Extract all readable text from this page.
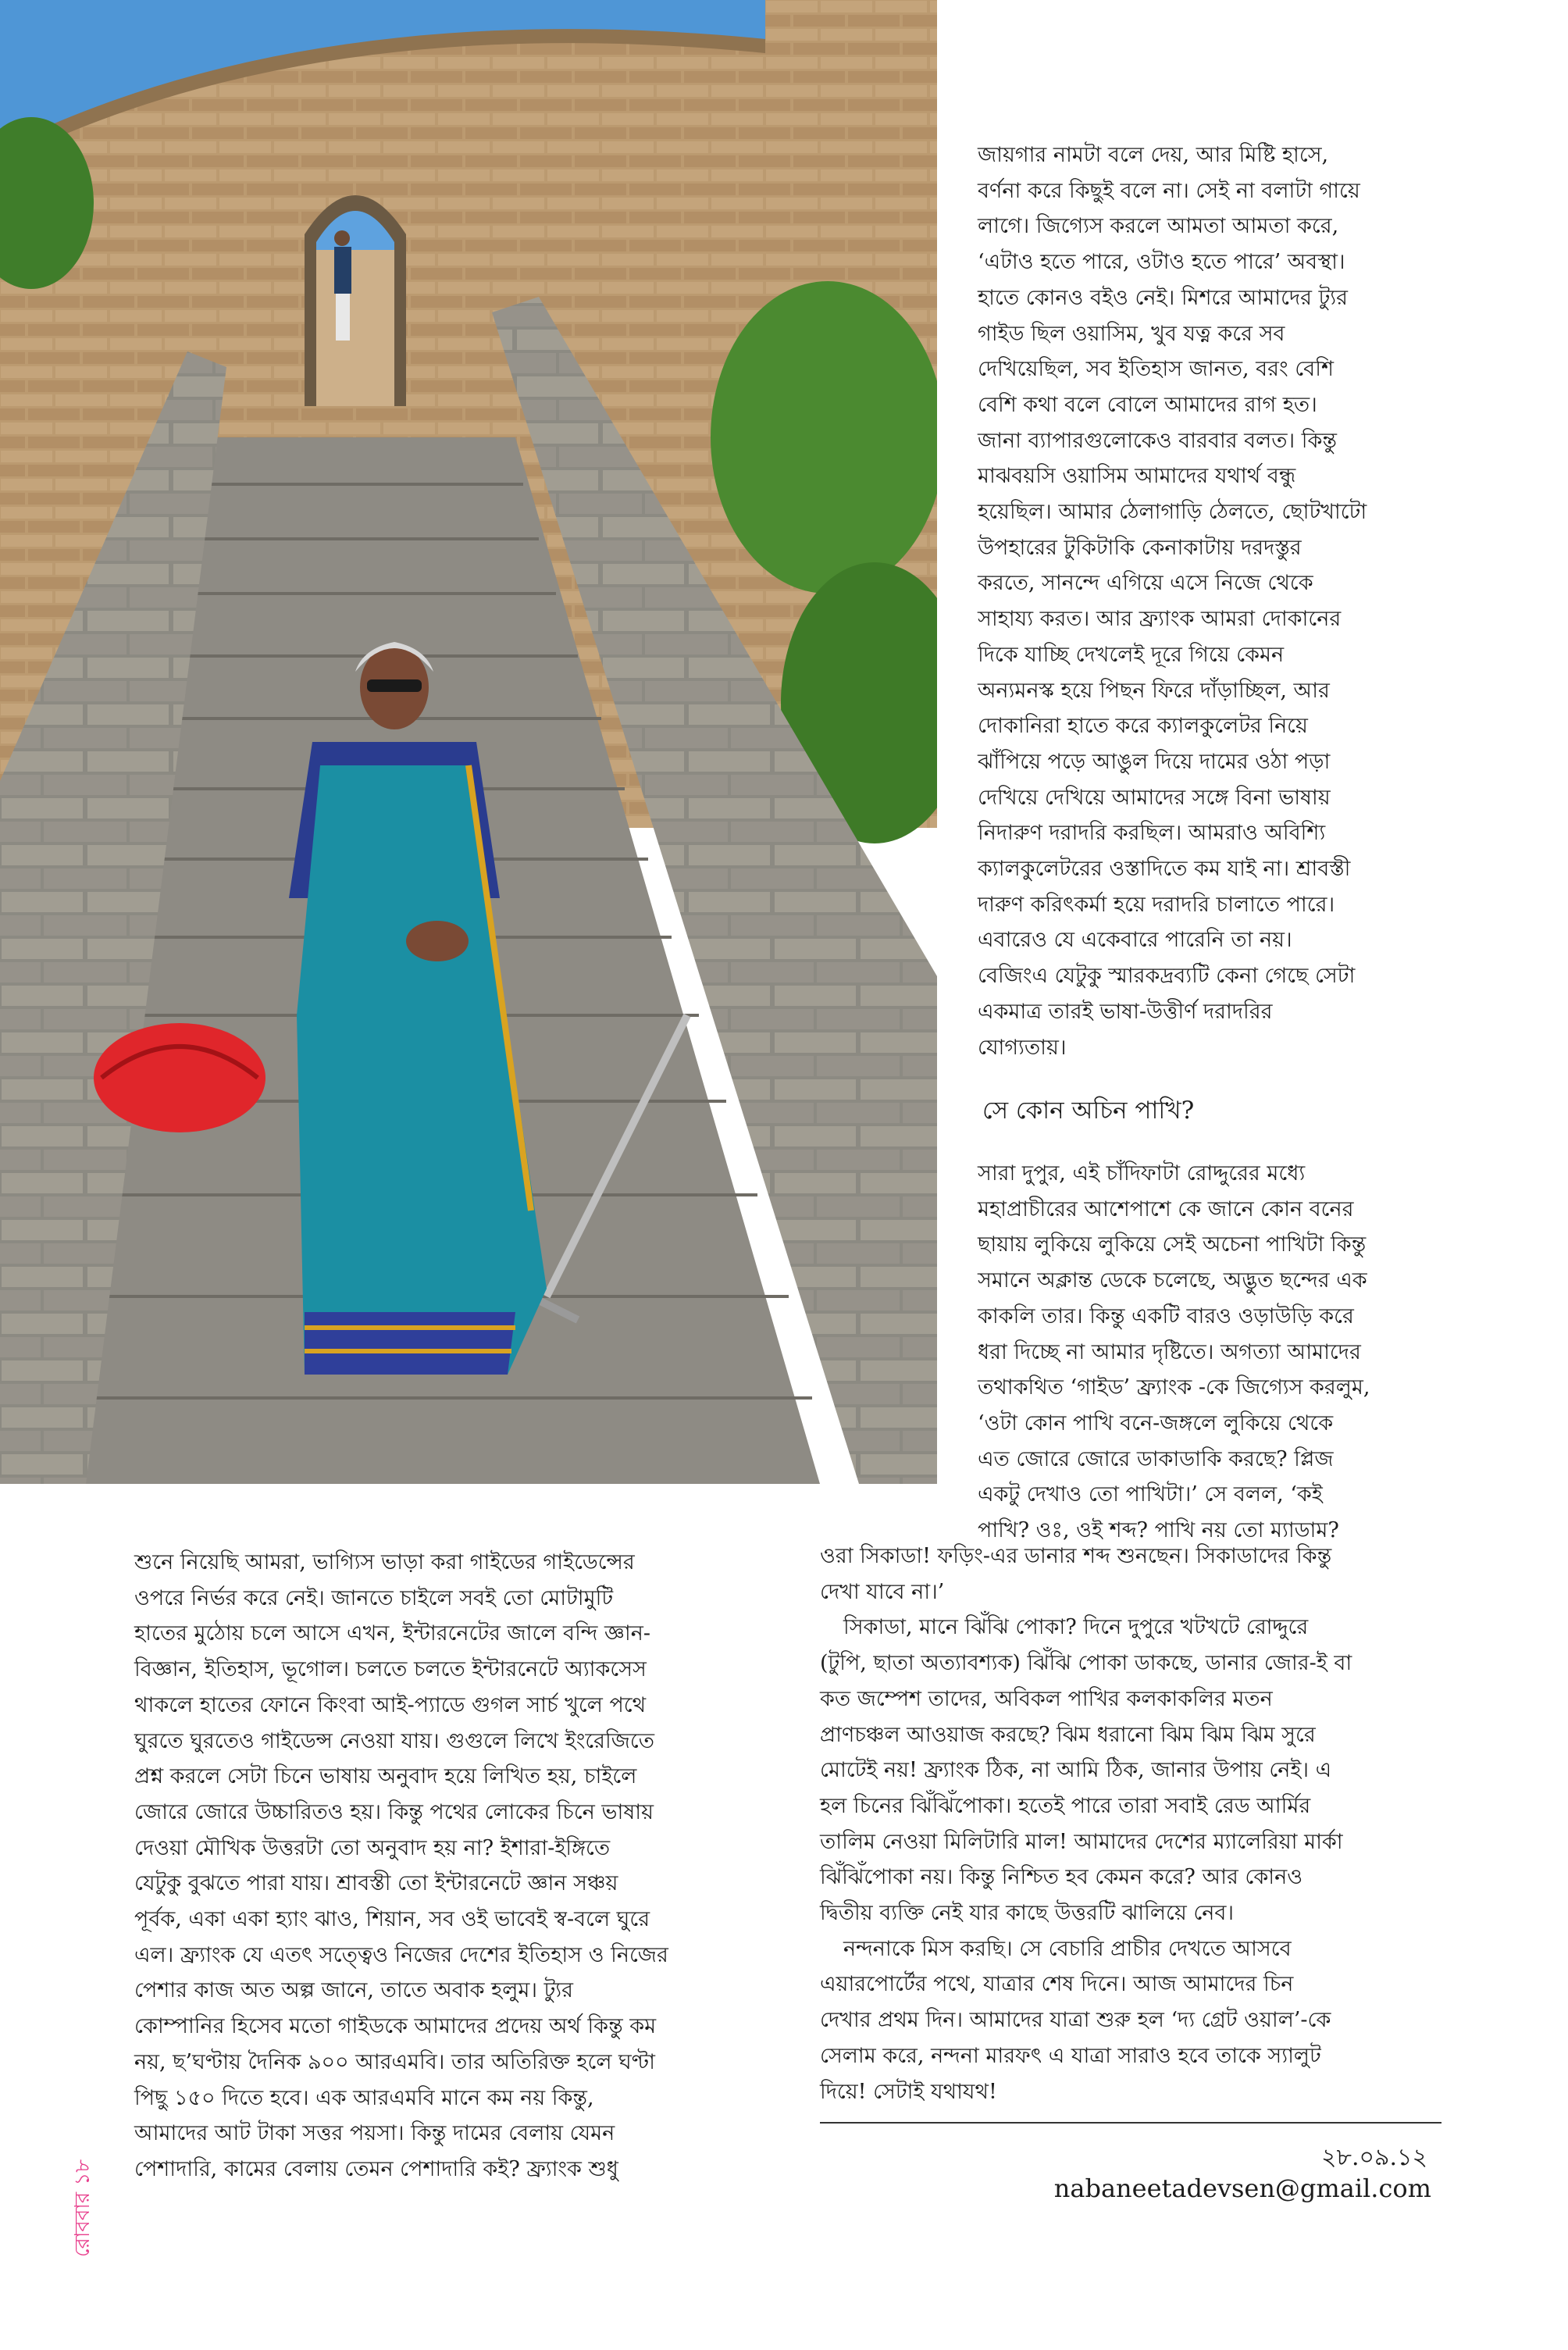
জায়গার নামটা বলে দেয়, আর মিষ্টি হাসে,

বর্ণনা করে কিছুই বলে না। সেই না বলাটা গায়ে

লাগে। জিগ্যেস করলে আমতা আমতা করে,

‘এটাও হতে পারে, ওটাও হতে পারে’ অবস্থা।

হাতে কোনও বইও নেই। মিশরে আমাদের ট্যুর

গাইড ছিল ওয়াসিম, খুব যত্ন করে সব

দেখিয়েছিল, সব ইতিহাস জানত, বরং বেশি

বেশি কথা বলে বোলে আমাদের রাগ হত।

জানা ব্যাপারগুলোকেও বারবার বলত। কিন্তু

মাঝবয়সি ওয়াসিম আমাদের যথার্থ বন্ধু

হয়েছিল। আমার ঠেলাগাড়ি ঠেলতে, ছোটখাটো

উপহারের টুকিটাকি কেনাকাটায় দরদস্তুর

করতে, সানন্দে এগিয়ে এসে নিজে থেকে

সাহায্য করত। আর ফ্র্যাংক আমরা দোকানের

দিকে যাচ্ছি দেখলেই দূরে গিয়ে কেমন

অন্যমনস্ক হয়ে পিছন ফিরে দাঁড়াচ্ছিল, আর

দোকানিরা হাতে করে ক্যালকুলেটর নিয়ে

ঝাঁপিয়ে পড়ে আঙুল দিয়ে দামের ওঠা পড়া

দেখিয়ে দেখিয়ে আমাদের সঙ্গে বিনা ভাষায়

নিদারুণ দরাদরি করছিল। আমরাও অবিশ্যি

ক্যালকুলেটরের ওস্তাদিতে কম যাই না। শ্রাবস্তী

দারুণ করিৎকর্মা হয়ে দরাদরি চালাতে পারে।

এবারেও যে একেবারে পারেনি তা নয়।

বেজিংএ যেটুকু স্মারকদ্রব্যটি কেনা গেছে সেটা

একমাত্র তারই ভাষা-উত্তীর্ণ দরাদরির

যোগ্যতায়।

সে কোন অচিন পাখি?

সারা দুপুর, এই চাঁদিফাটা রোদ্দুরের মধ্যে

মহাপ্রাচীরের আশেপাশে কে জানে কোন বনের

ছায়ায় লুকিয়ে লুকিয়ে সেই অচেনা পাখিটা কিন্তু

সমানে অক্লান্ত ডেকে চলেছে, অদ্ভুত ছন্দের এক

কাকলি তার। কিন্তু একটি বারও ওড়াউড়ি করে

ধরা দিচ্ছে না আমার দৃষ্টিতে। অগত্যা আমাদের

তথাকথিত ‘গাইড’ ফ্র্যাংক -কে জিগ্যেস করলুম,

‘ওটা কোন পাখি বনে-জঙ্গলে লুকিয়ে থেকে

এত জোরে জোরে ডাকাডাকি করছে? প্লিজ

একটু দেখাও তো পাখিটা।’ সে বলল, ‘কই

পাখি? ওঃ, ওই শব্দ? পাখি নয় তো ম্যাডাম?

শুনে নিয়েছি আমরা, ভাগ্যিস ভাড়া করা গাইডের গাইডেন্সের

ওপরে নির্ভর করে নেই। জানতে চাইলে সবই তো মোটামুটি

হাতের মুঠোয় চলে আসে এখন, ইন্টারনেটের জালে বন্দি জ্ঞান-

বিজ্ঞান, ইতিহাস, ভূগোল। চলতে চলতে ইন্টারনেটে অ্যাকসেস

থাকলে হাতের ফোনে কিংবা আই-প্যাডে গুগল সার্চ খুলে পথে

ঘুরতে ঘুরতেও গাইডেন্স নেওয়া যায়। গুগুলে লিখে ইংরেজিতে

প্রশ্ন করলে সেটা চিনে ভাষায় অনুবাদ হয়ে লিখিত হয়, চাইলে

জোরে জোরে উচ্চারিতও হয়। কিন্তু পথের লোকের চিনে ভাষায়

দেওয়া মৌখিক উত্তরটা তো অনুবাদ হয় না? ইশারা-ইঙ্গিতে

যেটুকু বুঝতে পারা যায়। শ্রাবস্তী তো ইন্টারনেটে জ্ঞান সঞ্চয়

পূর্বক, একা একা হ্যাং ঝাও, শিয়ান, সব ওই ভাবেই স্ব-বলে ঘুরে

এল। ফ্র্যাংক যে এতৎ সত্ত্বেও নিজের দেশের ইতিহাস ও নিজের

পেশার কাজ অত অল্প জানে, তাতে অবাক হলুম। ট্যুর

কোম্পানির হিসেব মতো গাইডকে আমাদের প্রদেয় অর্থ কিন্তু কম

নয়, ছ’ঘণ্টায় দৈনিক ৯০০ আরএমবি। তার অতিরিক্ত হলে ঘণ্টা

পিছু ১৫০ দিতে হবে। এক আরএমবি মানে কম নয় কিন্তু,

আমাদের আট টাকা সত্তর পয়সা। কিন্তু দামের বেলায় যেমন

পেশাদারি, কামের বেলায় তেমন পেশাদারি কই? ফ্র্যাংক শুধু

ওরা সিকাডা! ফড়িং-এর ডানার শব্দ শুনছেন। সিকাডাদের কিন্তু

দেখা যাবে না।’

সিকাডা, মানে ঝিঁঝি পোকা? দিনে দুপুরে খটখটে রোদ্দুরে

(টুপি, ছাতা অত্যাবশ্যক) ঝিঁঝি পোকা ডাকছে, ডানার জোর-ই বা

কত জম্পেশ তাদের, অবিকল পাখির কলকাকলির মতন

প্রাণচঞ্চল আওয়াজ করছে? ঝিম ধরানো ঝিম ঝিম ঝিম সুরে

মোটেই নয়! ফ্র্যাংক ঠিক, না আমি ঠিক, জানার উপায় নেই। এ

হল চিনের ঝিঁঝিঁপোকা। হতেই পারে তারা সবাই রেড আর্মির

তালিম নেওয়া মিলিটারি মাল! আমাদের দেশের ম্যালেরিয়া মার্কা

ঝিঁঝিঁপোকা নয়। কিন্তু নিশ্চিত হব কেমন করে? আর কোনও

দ্বিতীয় ব্যক্তি নেই যার কাছে উত্তরটি ঝালিয়ে নেব।

নন্দনাকে মিস করছি। সে বেচারি প্রাচীর দেখতে আসবে

এয়ারপোর্টের পথে, যাত্রার শেষ দিনে। আজ আমাদের চিন

দেখার প্রথম দিন। আমাদের যাত্রা শুরু হল ‘দ্য গ্রেট ওয়াল’-কে

সেলাম করে, নন্দনা মারফৎ এ যাত্রা সারাও হবে তাকে স্যালুট

দিয়ে! সেটাই যথাযথ!

২৮.০৯.১২
nabaneetadevsen@gmail.com
রোববার ১৮
